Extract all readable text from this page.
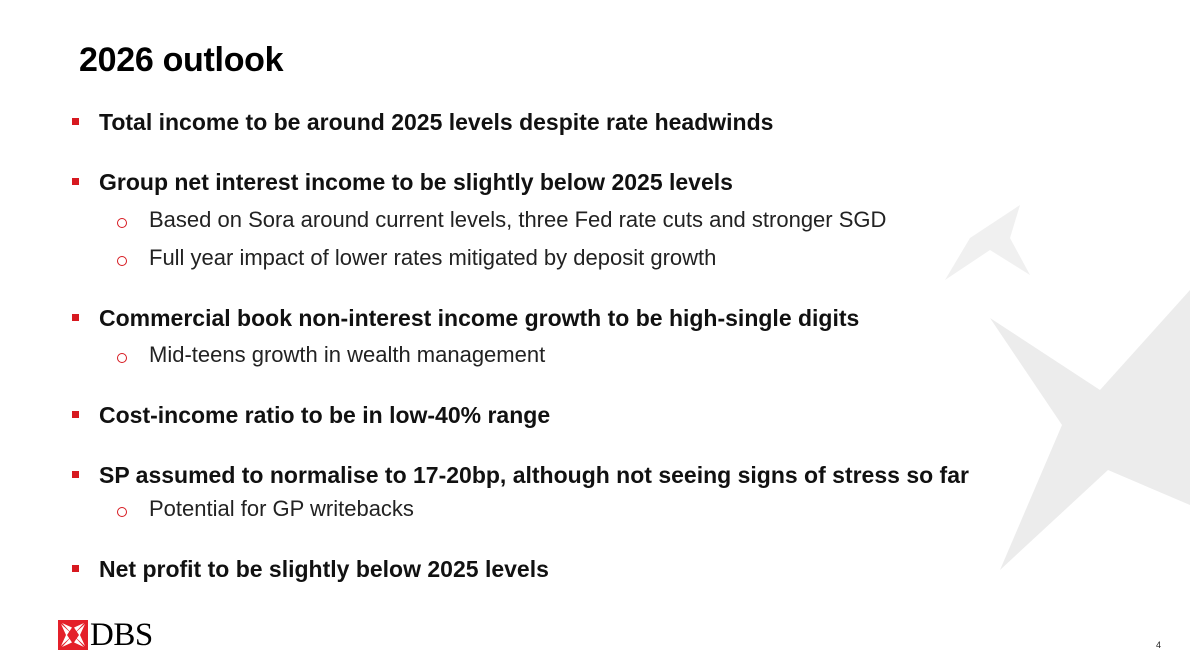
2026 outlook
Total income to be around 2025 levels despite rate headwinds
Group net interest income to be slightly below 2025 levels
Based on Sora around current levels, three Fed rate cuts and stronger SGD
Full year impact of lower rates mitigated by deposit growth
Commercial book non-interest income growth to be high-single digits
Mid-teens growth in wealth management
Cost-income ratio to be in low-40% range
SP assumed to normalise to 17-20bp, although not seeing signs of stress so far
Potential for GP writebacks
Net profit to be slightly below 2025 levels
DBS	4
